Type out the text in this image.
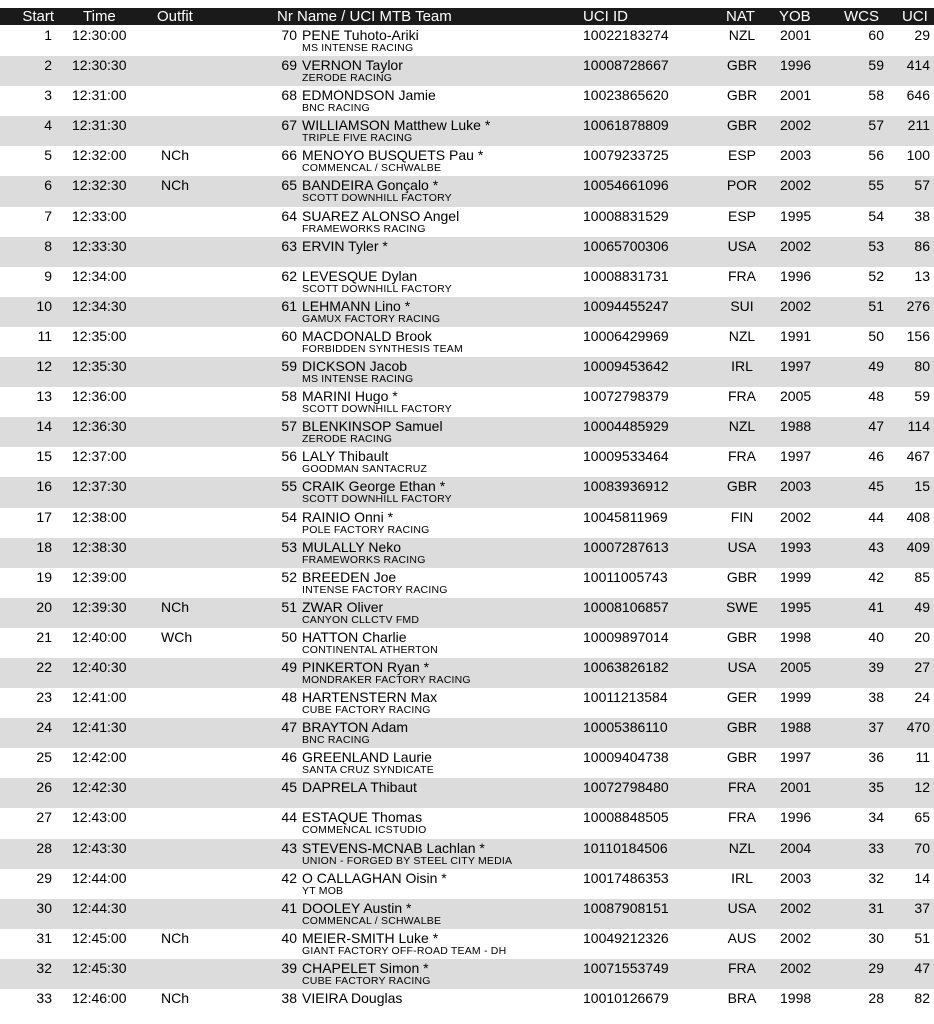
Start Time	Outfit	Nr Name / UCI MTB Team	UCI ID	NAT YOB WCS UCI
1 12:30:00	70 PENE Tuhoto-Ariki	10022183274	NZL	2001	60	29
MS INTENSE RACING
2 12:30:30	69 VERNON Taylor	10008728667	GBR	1996	59	414
ZERODE RACING
3 12:31:00	68 EDMONDSON Jamie	10023865620	GBR	2001	58	646
BNC RACING
4 12:31:30	67 WILLIAMSON Matthew Luke *	10061878809	GBR	2002	57	211
TRIPLE FIVE RACING
5 12:32:00 NCh	66 MENOYO BUSQUETS Pau *	10079233725	ESP	2003	56	100
COMMENCAL / SCHWALBE
6 12:32:30 NCh	65 BANDEIRA Gonçalo *	10054661096	POR	2002	55	57
SCOTT DOWNHILL FACTORY
7 12:33:00	64 SUAREZ ALONSO Angel	10008831529	ESP	1995	54	38
FRAMEWORKS RACING
8 12:33:30	63 ERVIN Tyler *	10065700306	USA	2002	53	86
9 12:34:00	62 LEVESQUE Dylan	10008831731	FRA	1996	52	13
SCOTT DOWNHILL FACTORY
10 12:34:30	61 LEHMANN Lino *	10094455247	SUI	2002	51	276
GAMUX FACTORY RACING
11 12:35:00	60 MACDONALD Brook	10006429969	NZL	1991	50	156
FORBIDDEN SYNTHESIS TEAM
12 12:35:30	59 DICKSON Jacob	10009453642	IRL	1997	49	80
MS INTENSE RACING
13 12:36:00	58 MARINI Hugo *	10072798379	FRA	2005	48	59
SCOTT DOWNHILL FACTORY
14 12:36:30	57 BLENKINSOP Samuel	10004485929	NZL	1988	47	114
ZERODE RACING
15 12:37:00	56 LALY Thibault	10009533464	FRA	1997	46	467
GOODMAN SANTACRUZ
16 12:37:30	55 CRAIK George Ethan *	10083936912	GBR	2003	45	15
SCOTT DOWNHILL FACTORY
17 12:38:00	54 RAINIO Onni *	10045811969	FIN	2002	44	408
POLE FACTORY RACING
18 12:38:30	53 MULALLY Neko	10007287613	USA	1993	43	409
FRAMEWORKS RACING
19 12:39:00	52 BREEDEN Joe	10011005743	GBR	1999	42	85
INTENSE FACTORY RACING
20 12:39:30 NCh	51 ZWAR Oliver	10008106857	SWE	1995	41	49
CANYON CLLCTV FMD
21 12:40:00 WCh	50 HATTON Charlie	10009897014	GBR	1998	40	20
CONTINENTAL ATHERTON
22 12:40:30	49 PINKERTON Ryan *	10063826182	USA	2005	39	27
MONDRAKER FACTORY RACING
23 12:41:00	48 HARTENSTERN Max	10011213584	GER	1999	38	24
CUBE FACTORY RACING
24 12:41:30	47 BRAYTON Adam	10005386110	GBR	1988	37	470
BNC RACING
25 12:42:00	46 GREENLAND Laurie	10009404738	GBR	1997	36	11
SANTA CRUZ SYNDICATE
26 12:42:30	45 DAPRELA Thibaut	10072798480	FRA	2001	35	12
27 12:43:00	44 ESTAQUE Thomas	10008848505	FRA	1996	34	65
COMMENCAL ICSTUDIO
28 12:43:30	43 STEVENS-MCNAB Lachlan *	10110184506	NZL	2004	33	70
UNION - FORGED BY STEEL CITY MEDIA
29 12:44:00	42 O CALLAGHAN Oisin *	10017486353	IRL	2003	32	14
YT MOB
30 12:44:30	41 DOOLEY Austin *	10087908151	USA	2002	31	37
COMMENCAL / SCHWALBE
31 12:45:00 NCh	40 MEIER-SMITH Luke *	10049212326	AUS	2002	30	51
GIANT FACTORY OFF-ROAD TEAM - DH
32 12:45:30	39 CHAPELET Simon *	10071553749	FRA	2002	29	47
CUBE FACTORY RACING
33 12:46:00 NCh	38 VIEIRA Douglas	10010126679	BRA	1998	28	82
